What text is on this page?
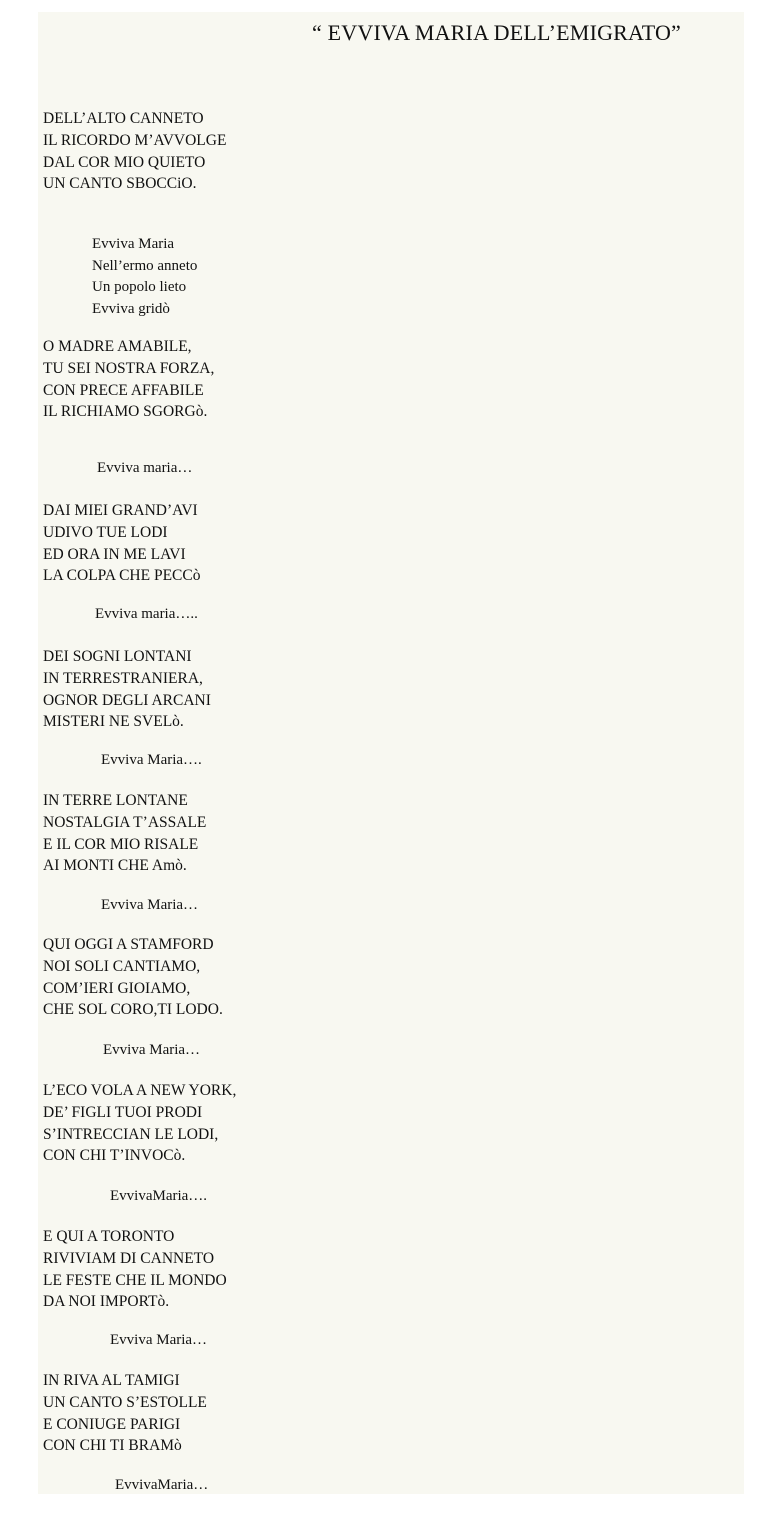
“ EVVIVA MARIA DELL’EMIGRATO”
DELL’ALTO CANNETO
IL RICORDO M’AVVOLGE
DAL COR MIO QUIETO
UN CANTO SBOCCiO.
Evviva Maria
Nell’ermo anneto
Un popolo lieto
Evviva gridò
O MADRE AMABILE,
TU SEI NOSTRA FORZA,
CON PRECE AFFABILE
IL RICHIAMO SGORGò.
Evviva maria…
DAI MIEI GRAND’AVI
UDIVO TUE LODI
ED ORA IN ME LAVI
LA COLPA CHE PECCò
Evviva maria…..
DEI SOGNI LONTANI
IN TERRESTRANIERA,
OGNOR DEGLI ARCANI
MISTERI NE SVELò.
Evviva Maria….
IN TERRE LONTANE
NOSTALGIA T’ASSALE
E IL COR MIO RISALE
AI MONTI CHE Amò.
Evviva Maria…
QUI OGGI A STAMFORD
NOI SOLI CANTIAMO,
COM’IERI GIOIAMO,
CHE SOL CORO,TI LODO.
Evviva Maria…
L’ECO VOLA A NEW YORK,
DE’ FIGLI TUOI PRODI
S’INTRECCIAN LE LODI,
CON CHI T’INVOCò.
EvvivaMaria….
E QUI A TORONTO
RIVIVIAM DI CANNETO
LE FESTE CHE IL MONDO
DA NOI IMPORTò.
Evviva Maria…
IN RIVA AL TAMIGI
UN CANTO S’ESTOLLE
E CONIUGE PARIGI
CON CHI TI BRAMò
EvvivaMaria…
